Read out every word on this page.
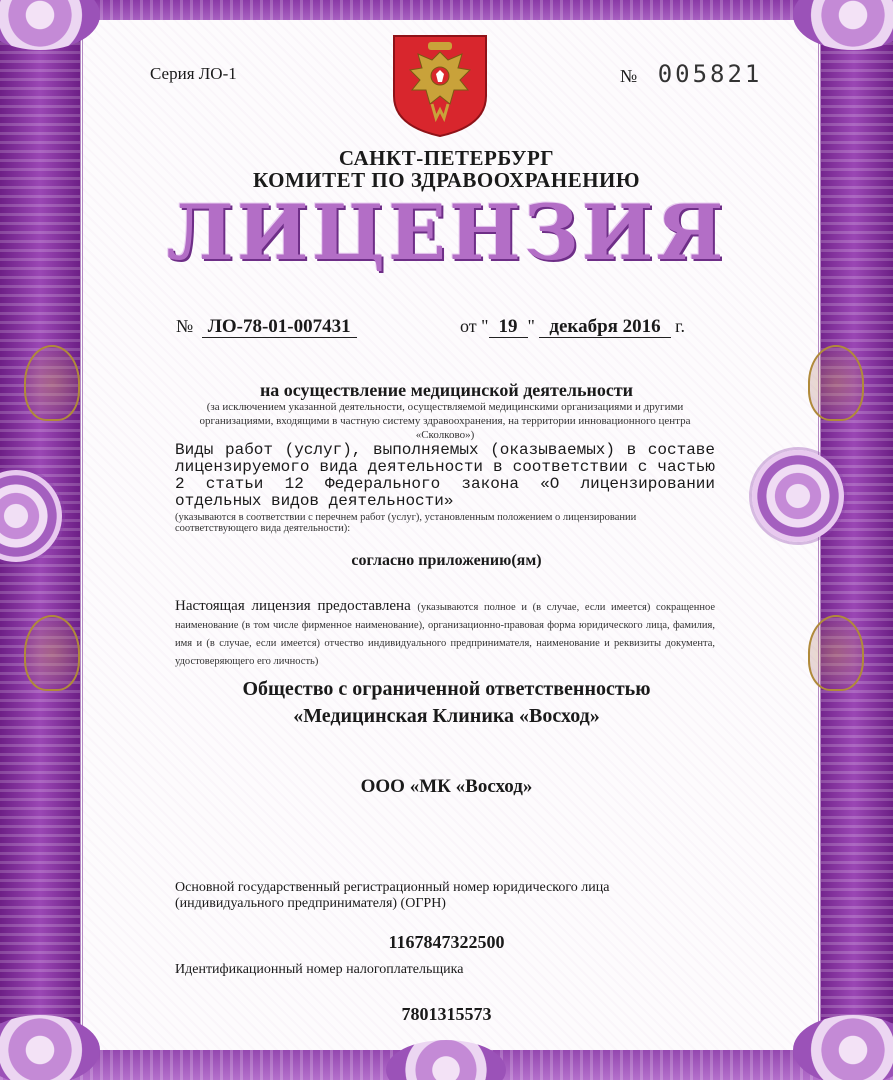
Серия ЛО-1	№ 005821
САНКТ-ПЕТЕРБУРГ
КОМИТЕТ ПО ЗДРАВООХРАНЕНИЮ
ЛИЦЕНЗИЯ
№ ЛО-78-01-007431	от " 19 " декабря 2016 г.
на осуществление медицинской деятельности
(за исключением указанной деятельности, осуществляемой медицинскими организациями и другими организациями, входящими в частную систему здравоохранения, на территории инновационного центра «Сколково»)
Виды работ (услуг), выполняемых (оказываемых) в составе лицензируемого вида деятельности в соответствии с частью 2 статьи 12 Федерального закона «О лицензировании отдельных видов деятельности»
(указываются в соответствии с перечнем работ (услуг), установленным положением о лицензировании соответствующего вида деятельности):
согласно приложению(ям)
Настоящая лицензия предоставлена (указываются полное и (в случае, если имеется) сокращенное наименование (в том числе фирменное наименование), организационно-правовая форма юридического лица, фамилия, имя и (в случае, если имеется) отчество индивидуального предпринимателя, наименование и реквизиты документа, удостоверяющего его личность)
Общество с ограниченной ответственностью
«Медицинская Клиника «Восход»
ООО «МК «Восход»
Основной государственный регистрационный номер юридического лица (индивидуального предпринимателя) (ОГРН)
1167847322500
Идентификационный номер налогоплательщика
7801315573
